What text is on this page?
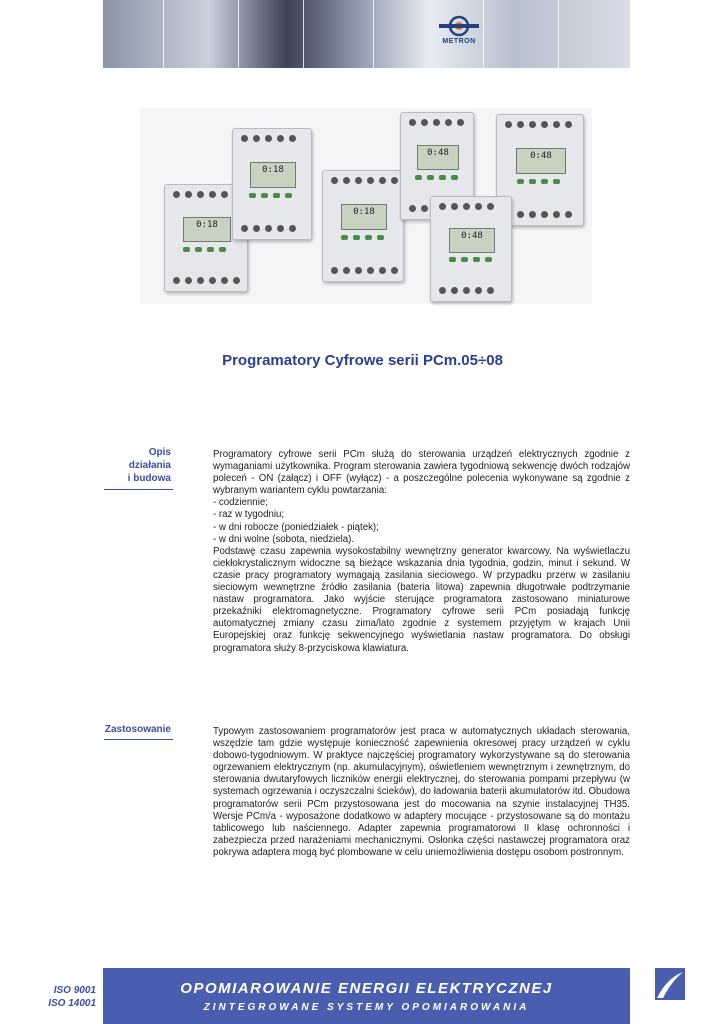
METRON
0:18
0:18
0:18
0:48	0:48
0:48
Programatory Cyfrowe serii PCm.05÷08
Opis
działania
i budowa

Programatory cyfrowe serii PCm służą do sterowania urządzeń elektrycznych zgodnie z wymaganiami użytkownika. Program sterowania zawiera tygodniową sekwencję dwóch rodzajów poleceń - ON (załącz) i OFF (wyłącz) - a poszczególne polecenia wykonywane są zgodnie z wybranym wariantem cyklu powtarzania:

- codziennie;

- raz w tygodniu;

- w dni robocze (poniedziałek - piątek);

- w dni wolne (sobota, niedziela).

Podstawę czasu zapewnia wysokostabilny wewnętrzny generator kwarcowy. Na wyświetlaczu ciekłokrystalicznym widoczne są bieżące wskazania dnia tygodnia, godzin, minut i sekund. W czasie pracy programatory wymagają zasilania sieciowego. W przypadku przerw w zasilaniu sieciowym wewnętrzne źródło zasilania (bateria litowa) zapewnia długotrwałe podtrzymanie nastaw programatora. Jako wyjście sterujące programatora zastosowano miniaturowe przekaźniki elektromagnetyczne. Programatory cyfrowe serii PCm posiadają funkcję automatycznej zmiany czasu zima/lato zgodnie z systemem przyjętym w krajach Unii Europejskiej oraz funkcję sekwencyjnego wyświetlania nastaw programatora. Do obsługi programatora służy 8-przyciskowa klawiatura.

Zastosowanie	Typowym zastosowaniem programatorów jest praca w automatycznych układach sterowania, wszędzie tam gdzie występuje konieczność zapewnienia okresowej pracy urządzeń w cyklu dobowo-tygodniowym. W praktyce najczęściej programatory wykorzystywane są do sterowania ogrzewaniem elektrycznym (np. akumulacyjnym), oświetleniem wewnętrznym i zewnętrznym, do sterowania dwutaryfowych liczników energii elektrycznej, do sterowania pompami przepływu (w systemach ogrzewania i oczyszczalni ścieków), do ładowania baterii akumulatorów itd. Obudowa programatorów serii PCm przystosowana jest do mocowania na szynie instalacyjnej TH35. Wersje PCm/a - wyposażone dodatkowo w adaptery mocujące - przystosowane są do montażu tablicowego lub naściennego. Adapter zapewnia programatorowi II klasę ochronności i zabezpiecza przed narażeniami mechanicznymi. Osłonka części nastawczej programatora oraz pokrywa adaptera mogą być plombowane w celu uniemożliwienia dostępu osobom postronnym.

ISO 9001
ISO 14001
OPOMIAROWANIE ENERGII ELEKTRYCZNEJ
ZINTEGROWANE SYSTEMY OPOMIAROWANIA
